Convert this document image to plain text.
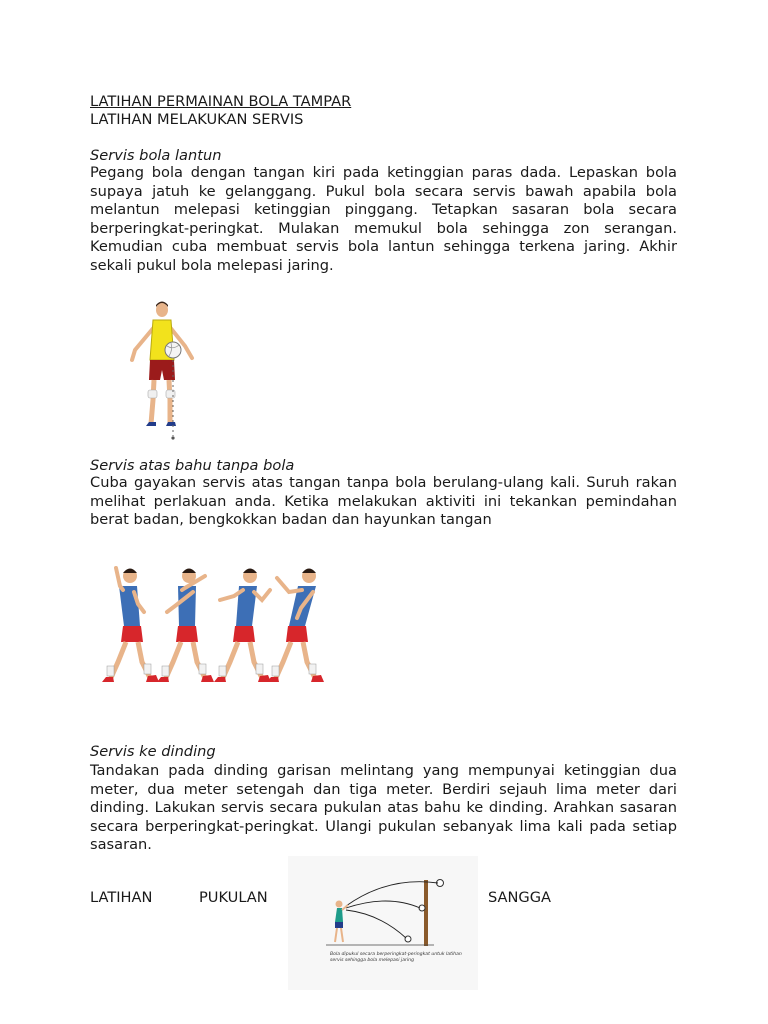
LATIHAN PERMAINAN BOLA TAMPAR
LATIHAN MELAKUKAN SERVIS
Servis bola lantun
Pegang bola dengan tangan kiri pada ketinggian paras dada. Lepaskan bola supaya jatuh ke gelanggang. Pukul bola secara servis bawah apabila bola melantun melepasi ketinggian pinggang. Tetapkan sasaran bola secara berperingkat-peringkat. Mulakan memukul bola sehingga zon serangan. Kemudian cuba membuat servis bola lantun sehingga terkena jaring. Akhir sekali pukul bola melepasi jaring.
Servis atas bahu tanpa bola
Cuba gayakan servis atas tangan tanpa bola berulang-ulang kali. Suruh rakan melihat perlakuan anda. Ketika melakukan aktiviti ini tekankan pemindahan berat badan, bengkokkan badan dan hayunkan tangan
Servis ke dinding
Tandakan pada dinding garisan melintang yang mempunyai ketinggian dua meter, dua meter setengah dan tiga meter. Berdiri sejauh lima meter dari dinding. Lakukan servis secara pukulan atas bahu ke dinding. Arahkan sasaran secara berperingkat-peringkat. Ulangi pukulan sebanyak lima kali pada setiap sasaran.
LATIHAN	PUKULAN	SANGGA
Bola dipukul secara berperingkat-peringkat untuk latihan
servis sehingga bola melepasi jaring
